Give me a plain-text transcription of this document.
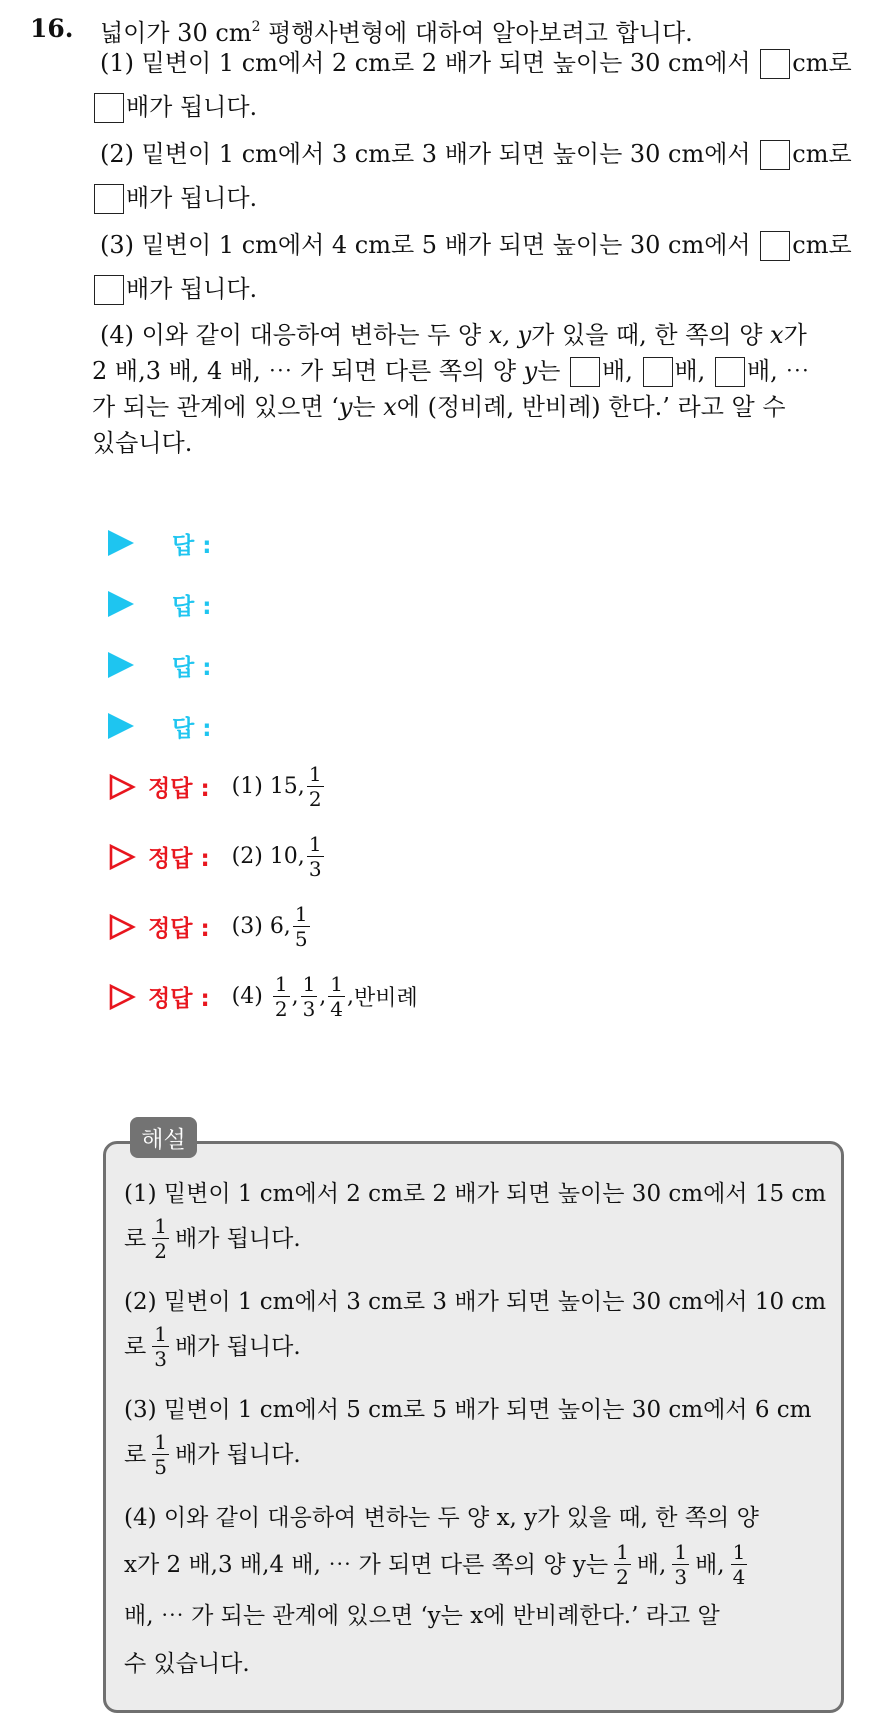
16. 넓이가 30 $cm^2$ 평행사변형에 대하여 알아보려고 합니다.
(1) 밑변이 1 cm에서 2 cm로 2 배가 되면 높이는 30 cm에서 cm로
배가 됩니다.
(2) 밑변이 1 cm에서 3 cm로 3 배가 되면 높이는 30 cm에서 cm로
배가 됩니다.
(3) 밑변이 1 cm에서 4 cm로 5 배가 되면 높이는 30 cm에서 cm로
배가 됩니다.
(4) 이와 같이 대응하여 변하는 두 양 x, y가 있을 때, 한 쪽의 양 x가
2 배,3 배, 4 배, ⋯ 가 되면 다른 쪽의 양 y는 배, 배, 배, ⋯
가 되는 관계에 있으면 ‘y는 x에 (정비례, 반비례) 한다.’ 라고 알 수
있습니다.
답 :
답 :
답 :
답 :
정답 : (1) 15, $\frac{1}{2}$
정답 : (2) 10, $\frac{1}{3}$
정답 : (3) 6, $\frac{1}{5}$
정답 : $(4) \frac{1}{2}$ , $\frac{1}{3}$ , $\frac{1}{4}$ , 반비례
해설
(1) 밑변이 1 cm에서 2 cm로 2 배가 되면 높이는 30 cm에서 15 cm
로 $\frac{1}{2}$ 배가 됩니다.
(2) 밑변이 1 cm에서 3 cm로 3 배가 되면 높이는 30 cm에서 10 cm
로 $\frac{1}{3}$ 배가 됩니다.
(3) 밑변이 1 cm에서 5 cm로 5 배가 되면 높이는 30 cm에서 6 cm
로 $\frac{1}{5}$ 배가 됩니다.
(4) 이와 같이 대응하여 변하는 두 양 x, y가 있을 때, 한 쪽의 양
x가 2 배,3 배,4 배, ⋯ 가 되면 다른 쪽의 양 y는 $\frac{1}{2}$ 배, $\frac{1}{3}$ 배, $\frac{1}{4}$
배, ⋯ 가 되는 관계에 있으면 ‘y는 x에 반비례한다.’ 라고 알
수 있습니다.
